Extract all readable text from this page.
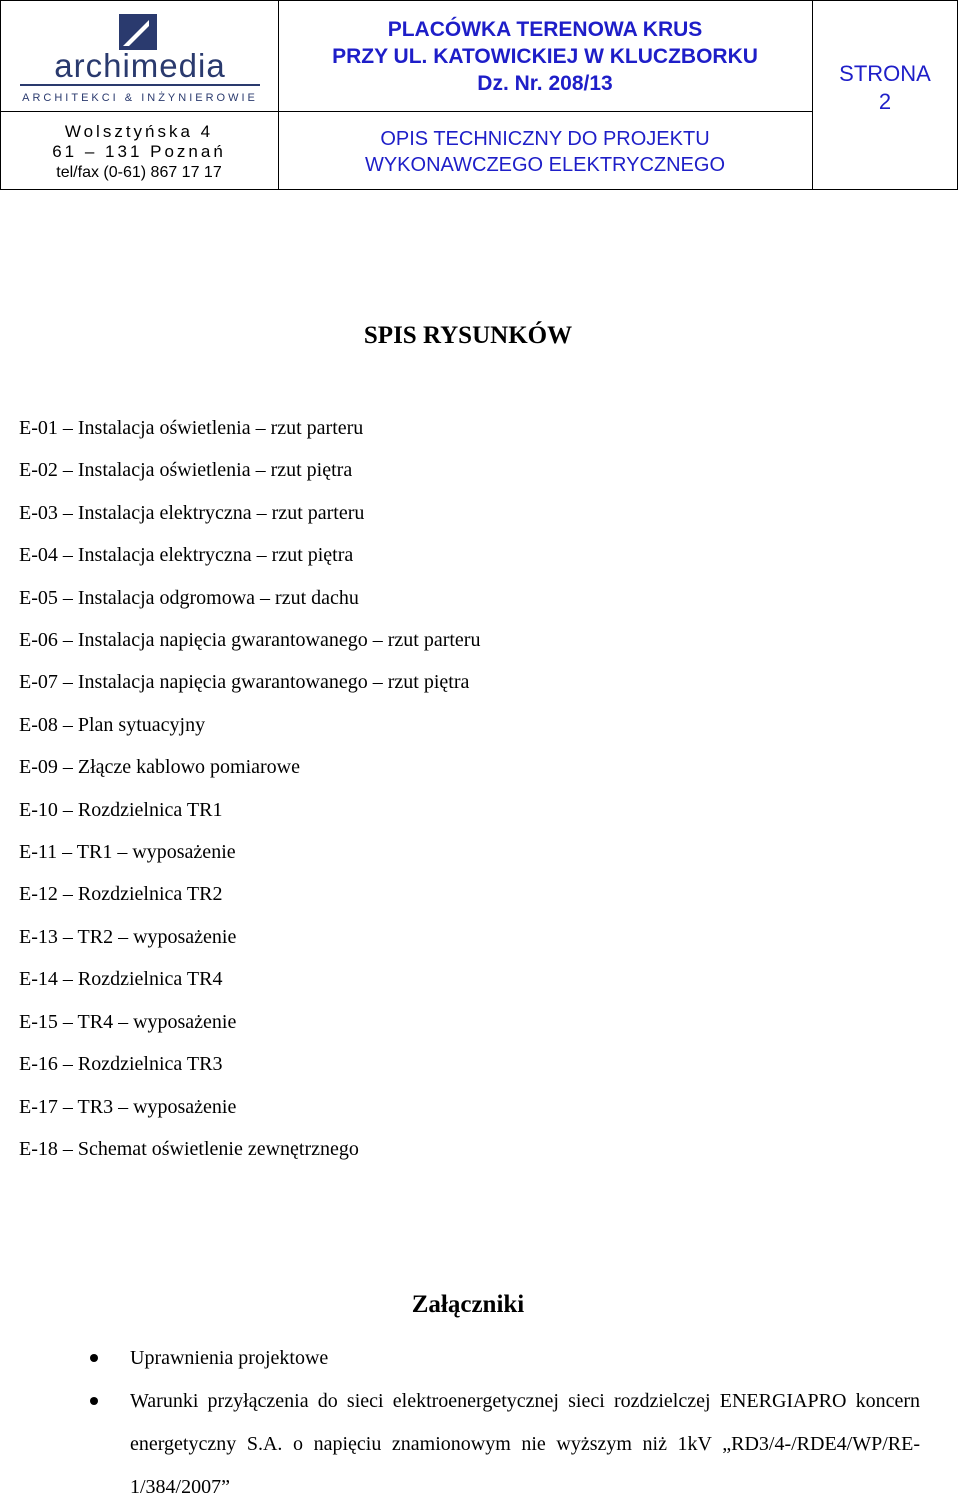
archimedia
ARCHITEKCI & INŻYNIEROWIE
Wolsztyńska 4
61 – 131 Poznań
tel/fax (0-61) 867 17 17
PLACÓWKA TERENOWA KRUS
PRZY UL. KATOWICKIEJ W KLUCZBORKU
Dz. Nr. 208/13
OPIS TECHNICZNY DO PROJEKTU
WYKONAWCZEGO ELEKTRYCZNEGO
STRONA
2
SPIS RYSUNKÓW
E-01 – Instalacja oświetlenia – rzut parteru
E-02 – Instalacja oświetlenia – rzut piętra
E-03 – Instalacja elektryczna – rzut parteru
E-04 – Instalacja elektryczna – rzut piętra
E-05 – Instalacja odgromowa – rzut dachu
E-06 – Instalacja napięcia gwarantowanego – rzut parteru
E-07 – Instalacja napięcia gwarantowanego – rzut piętra
E-08 – Plan sytuacyjny
E-09 – Złącze kablowo pomiarowe
E-10 – Rozdzielnica TR1
E-11 – TR1 – wyposażenie
E-12 – Rozdzielnica TR2
E-13 – TR2 – wyposażenie
E-14 – Rozdzielnica TR4
E-15 – TR4 – wyposażenie
E-16 – Rozdzielnica TR3
E-17 – TR3 – wyposażenie
E-18 – Schemat oświetlenie zewnętrznego
Załączniki
Uprawnienia projektowe
Warunki przyłączenia do sieci elektroenergetycznej sieci rozdzielczej ENERGIAPRO koncern energetyczny S.A. o napięciu znamionowym nie wyższym niż 1kV „RD3/4-/RDE4/WP/RE-1/384/2007”
